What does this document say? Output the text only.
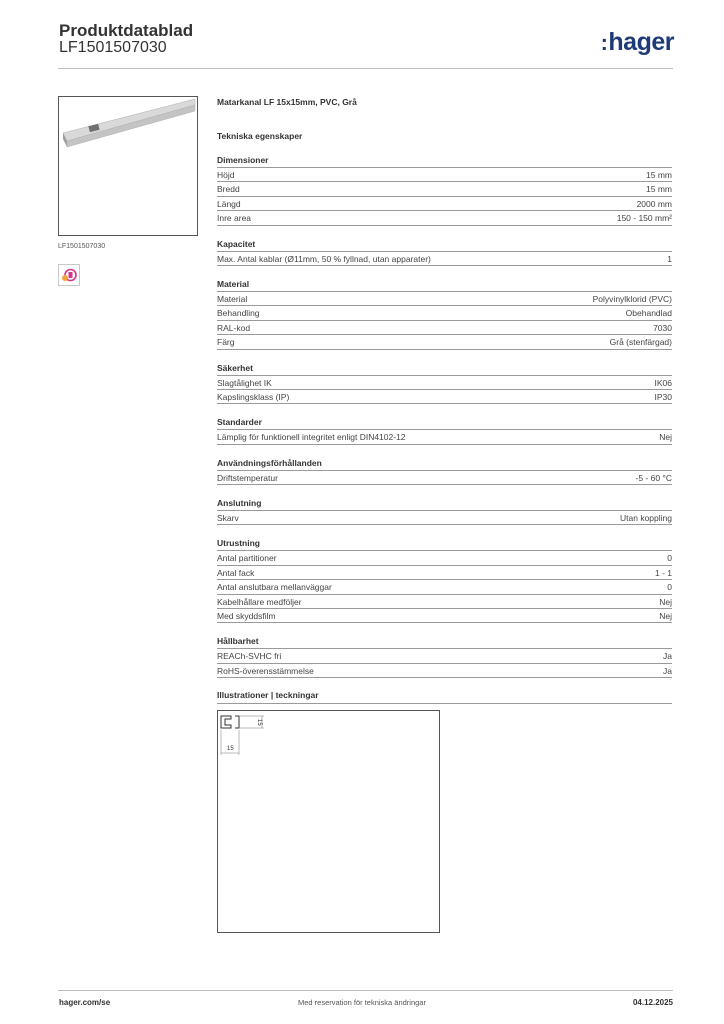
Produktdatablad
LF1501507030	:hager
LF1501507030
Matarkanal LF 15x15mm, PVC, Grå
Tekniska egenskaper
Dimensioner
Höjd	15 mm
Bredd	15 mm
Längd	2000 mm
Inre area	150 - 150 mm²
Kapacitet
Max. Antal kablar (Ø11mm, 50 % fyllnad, utan apparater)	1
Material
Material	Polyvinylklorid (PVC)
Behandling	Obehandlad
RAL-kod	7030
Färg	Grå (stenfärgad)
Säkerhet
Slagtålighet IK	IK06
Kapslingsklass (IP)	IP30
Standarder
Lämplig för funktionell integritet enligt DIN4102-12	Nej
Användningsförhållanden
Driftstemperatur	-5 - 60 °C
Anslutning
Skarv	Utan koppling
Utrustning
Antal partitioner	0
Antal fack	1 - 1
Antal anslutbara mellanväggar	0
Kabelhållare medföljer	Nej
Med skyddsfilm	Nej
Hållbarhet
REACh-SVHC fri	Ja
RoHS-överensstämmelse	Ja
Illustrationer | teckningar
15
15
hager.com/se	Med reservation för tekniska ändringar	04.12.2025
